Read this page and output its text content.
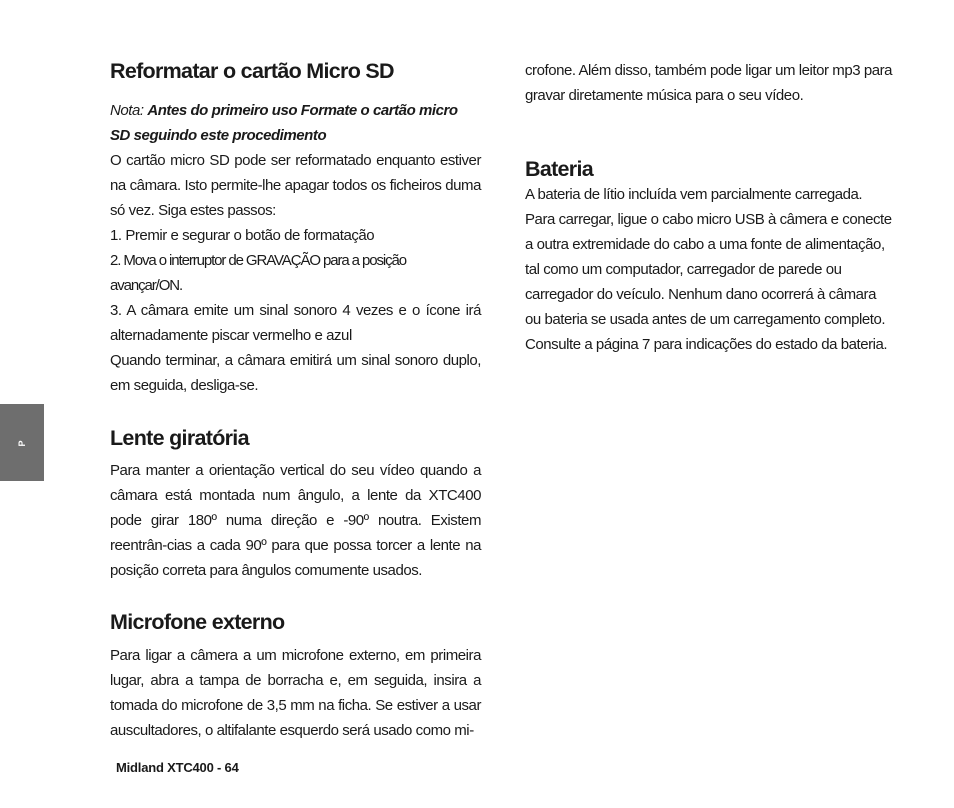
P
Reformatar o cartão Micro SD
Nota: Antes do primeiro uso Formate o cartão micro SD seguindo este procedimento
O cartão micro SD pode ser reformatado enquanto estiver na câmara. Isto permite-lhe apagar todos os ficheiros duma só vez. Siga estes passos:
1. Premir e segurar o botão de formatação
2. Mova o interruptor de GRAVAÇÃO para a posição avançar/ON.
3. A câmara emite um sinal sonoro 4 vezes e o ícone irá alternadamente piscar vermelho e azul
Quando terminar, a câmara emitirá um sinal sonoro duplo, em seguida, desliga-se.
Lente giratória
Para manter a orientação vertical do seu vídeo quando a câmara está montada num ângulo, a lente da XTC400 pode girar 180º numa direção e -90º noutra. Existem reentrân-cias a cada 90º para que possa torcer a lente na posição correta para ângulos comumente usados.
Microfone externo
Para ligar a câmera a um microfone externo, em primeira lugar, abra a tampa de borracha e, em seguida, insira a tomada do microfone de 3,5 mm na ficha. Se estiver a usar auscultadores, o altifalante esquerdo será usado como mi-
crofone. Além disso, também pode ligar um leitor mp3 para gravar diretamente música para o seu vídeo.
Bateria
A bateria de lítio incluída vem parcialmente carregada.
Para carregar, ligue o cabo micro USB à câmera e conecte
a outra extremidade do cabo a uma fonte de alimentação,
tal como um computador, carregador de parede ou
carregador do veículo. Nenhum dano ocorrerá à câmara
ou bateria se usada antes de um carregamento completo.
Consulte a página 7 para indicações do estado da bateria.
Midland XTC400 - 64
